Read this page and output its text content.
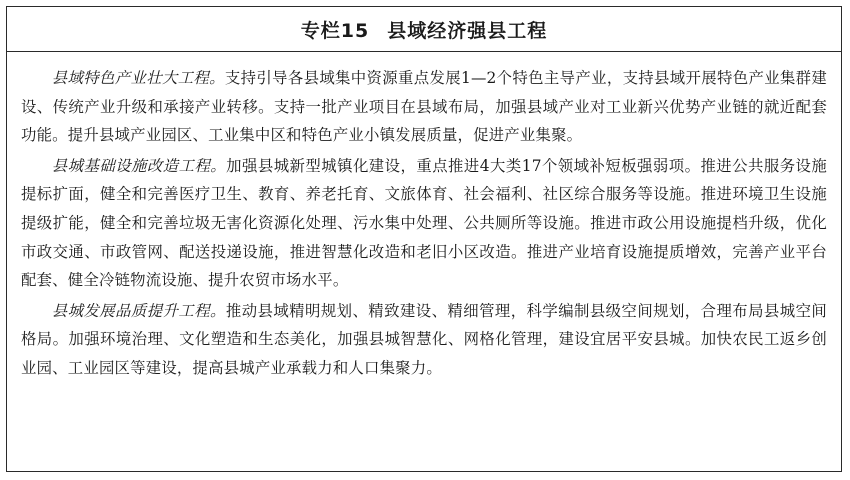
专栏15 县域经济强县工程

县域特色产业壮大工程。支持引导各县域集中资源重点发展1—2个特色主导产业，支持县域开展特色产业集群建设、传统产业升级和承接产业转移。支持一批产业项目在县域布局，加强县域产业对工业新兴优势产业链的就近配套功能。提升县域产业园区、工业集中区和特色产业小镇发展质量，促进产业集聚。

县城基础设施改造工程。加强县城新型城镇化建设，重点推进4大类17个领域补短板强弱项。推进公共服务设施提标扩面，健全和完善医疗卫生、教育、养老托育、文旅体育、社会福利、社区综合服务等设施。推进环境卫生设施提级扩能，健全和完善垃圾无害化资源化处理、污水集中处理、公共厕所等设施。推进市政公用设施提档升级，优化市政交通、市政管网、配送投递设施，推进智慧化改造和老旧小区改造。推进产业培育设施提质增效，完善产业平台配套、健全冷链物流设施、提升农贸市场水平。

县城发展品质提升工程。推动县域精明规划、精致建设、精细管理，科学编制县级空间规划，合理布局县城空间格局。加强环境治理、文化塑造和生态美化，加强县城智慧化、网格化管理，建设宜居平安县城。加快农民工返乡创业园、工业园区等建设，提高县城产业承载力和人口集聚力。
